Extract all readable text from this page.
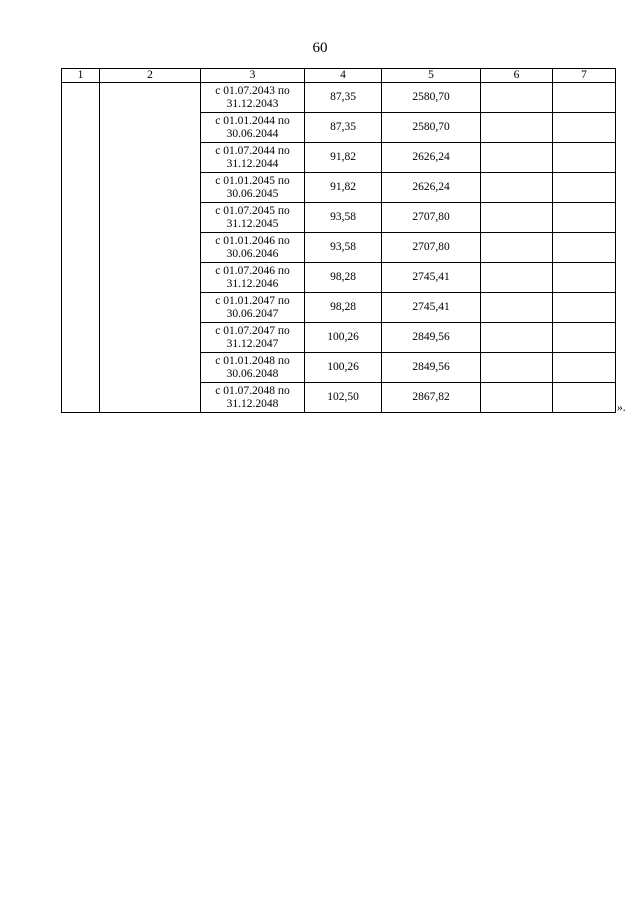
60
1	2	3	4	5	6	7
		с 01.07.2043 по
31.12.2043	87,35	2580,70		
		с 01.01.2044 по
30.06.2044	87,35	2580,70		
		с 01.07.2044 по
31.12.2044	91,82	2626,24		
		с 01.01.2045 по
30.06.2045	91,82	2626,24		
		с 01.07.2045 по
31.12.2045	93,58	2707,80		
		с 01.01.2046 по
30.06.2046	93,58	2707,80		
		с 01.07.2046 по
31.12.2046	98,28	2745,41		
		с 01.01.2047 по
30.06.2047	98,28	2745,41		
		с 01.07.2047 по
31.12.2047	100,26	2849,56		
		с 01.01.2048 по
30.06.2048	100,26	2849,56		
		с 01.07.2048 по
31.12.2048	102,50	2867,82		
».
